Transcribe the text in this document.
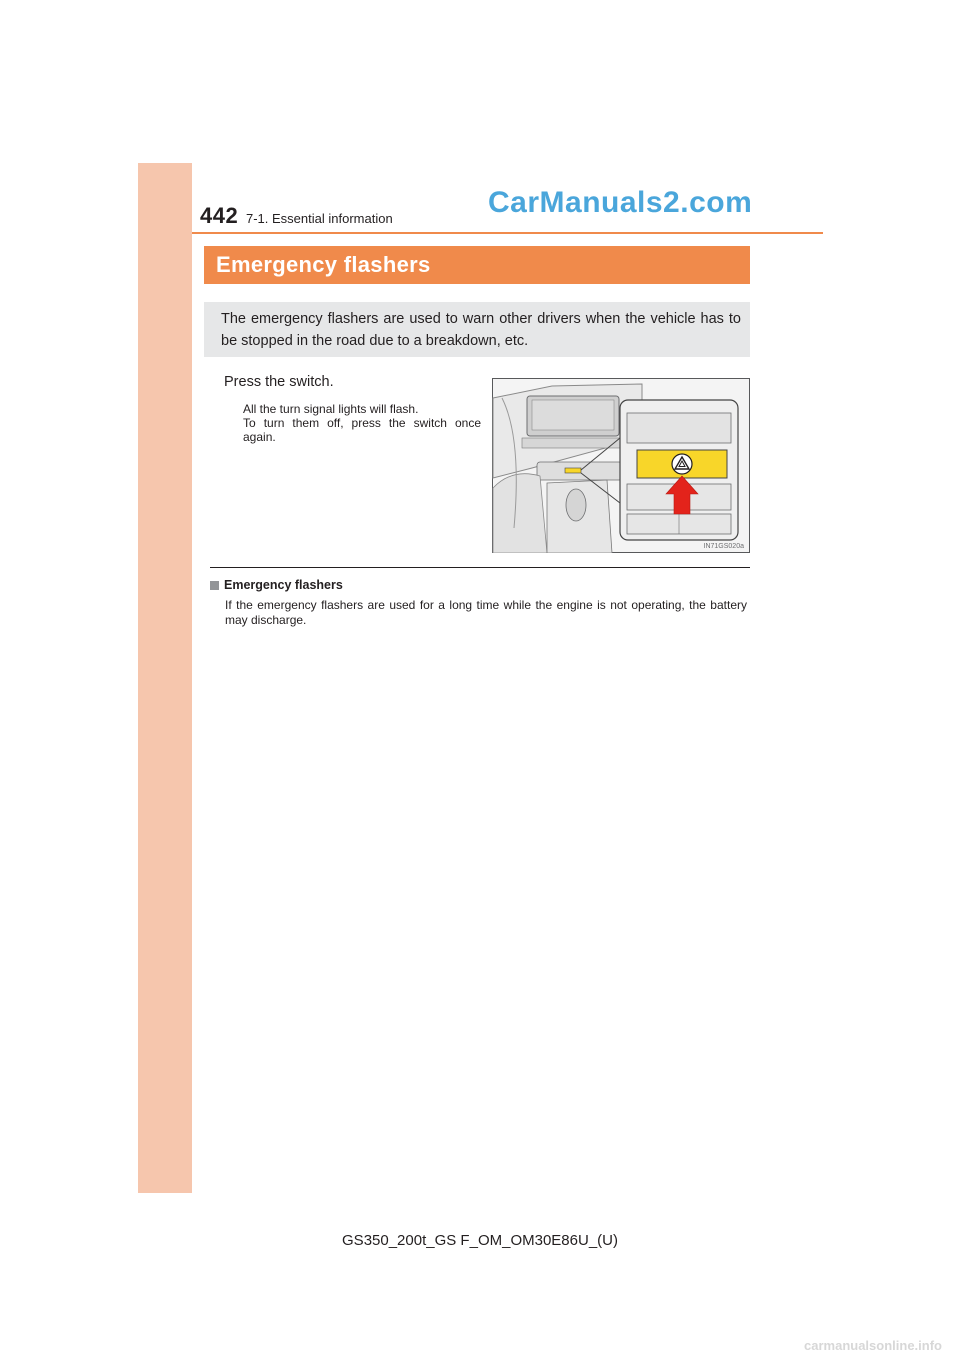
442 7-1. Essential information	CarManuals2.com
Emergency flashers
The emergency flashers are used to warn other drivers when the vehicle has to be stopped in the road due to a breakdown, etc.
Press the switch.
All the turn signal lights will flash.
To turn them off, press the switch once again.
IN71GS020a
Emergency flashers
If the emergency flashers are used for a long time while the engine is not operating, the battery may discharge.
GS350_200t_GS F_OM_OM30E86U_(U)
carmanualsonline.info
